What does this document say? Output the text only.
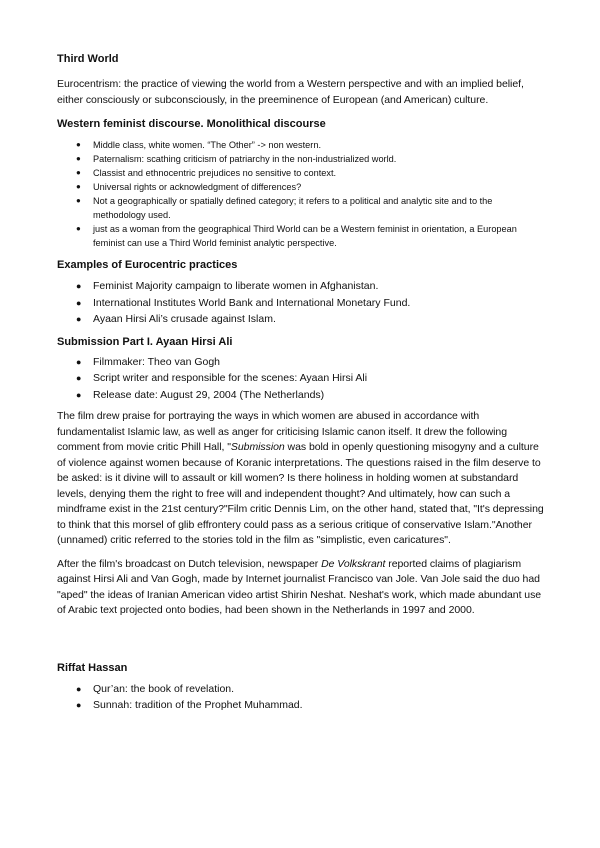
Third World

Eurocentrism: the practice of viewing the world from a Western perspective and with an implied belief, either consciously or subconsciously, in the preeminence of European (and American) culture.

Western feminist discourse. Monolithical discourse
● Middle class, white women. “The Other” -> non western.
● Paternalism: scathing criticism of patriarchy in the non-industrialized world.
● Classist and ethnocentric prejudices no sensitive to context.
● Universal rights or acknowledgment of differences?
● Not a geographically or spatially defined category; it refers to a political and analytic site and to the methodology used.
● just as a woman from the geographical Third World can be a Western feminist in orientation, a European feminist can use a Third World feminist analytic perspective.
Examples of Eurocentric practices
● Feminist Majority campaign to liberate women in Afghanistan.
● International Institutes World Bank and International Monetary Fund.
● Ayaan Hirsi Ali’s crusade against Islam.
Submission Part I. Ayaan Hirsi Ali
● Filmmaker: Theo van Gogh
● Script writer and responsible for the scenes: Ayaan Hirsi Ali
● Release date: August 29, 2004 (The Netherlands)

The film drew praise for portraying the ways in which women are abused in accordance with fundamentalist Islamic law, as well as anger for criticising Islamic canon itself. It drew the following comment from movie critic Phill Hall, "Submission was bold in openly questioning misogyny and a culture of violence against women because of Koranic interpretations. The questions raised in the film deserve to be asked: is it divine will to assault or kill women? Is there holiness in holding women at substandard levels, denying them the right to free will and independent thought? And ultimately, how can such a mindframe exist in the 21st century?"Film critic Dennis Lim, on the other hand, stated that, "It's depressing to think that this morsel of glib effrontery could pass as a serious critique of conservative Islam."Another (unnamed) critic referred to the stories told in the film as "simplistic, even caricatures".

After the film's broadcast on Dutch television, newspaper De Volkskrant reported claims of plagiarism against Hirsi Ali and Van Gogh, made by Internet journalist Francisco van Jole. Van Jole said the duo had "aped" the ideas of Iranian American video artist Shirin Neshat. Neshat's work, which made abundant use of Arabic text projected onto bodies, had been shown in the Netherlands in 1997 and 2000.

Riffat Hassan
● Qur’an: the book of revelation.
● Sunnah: tradition of the Prophet Muhammad.
